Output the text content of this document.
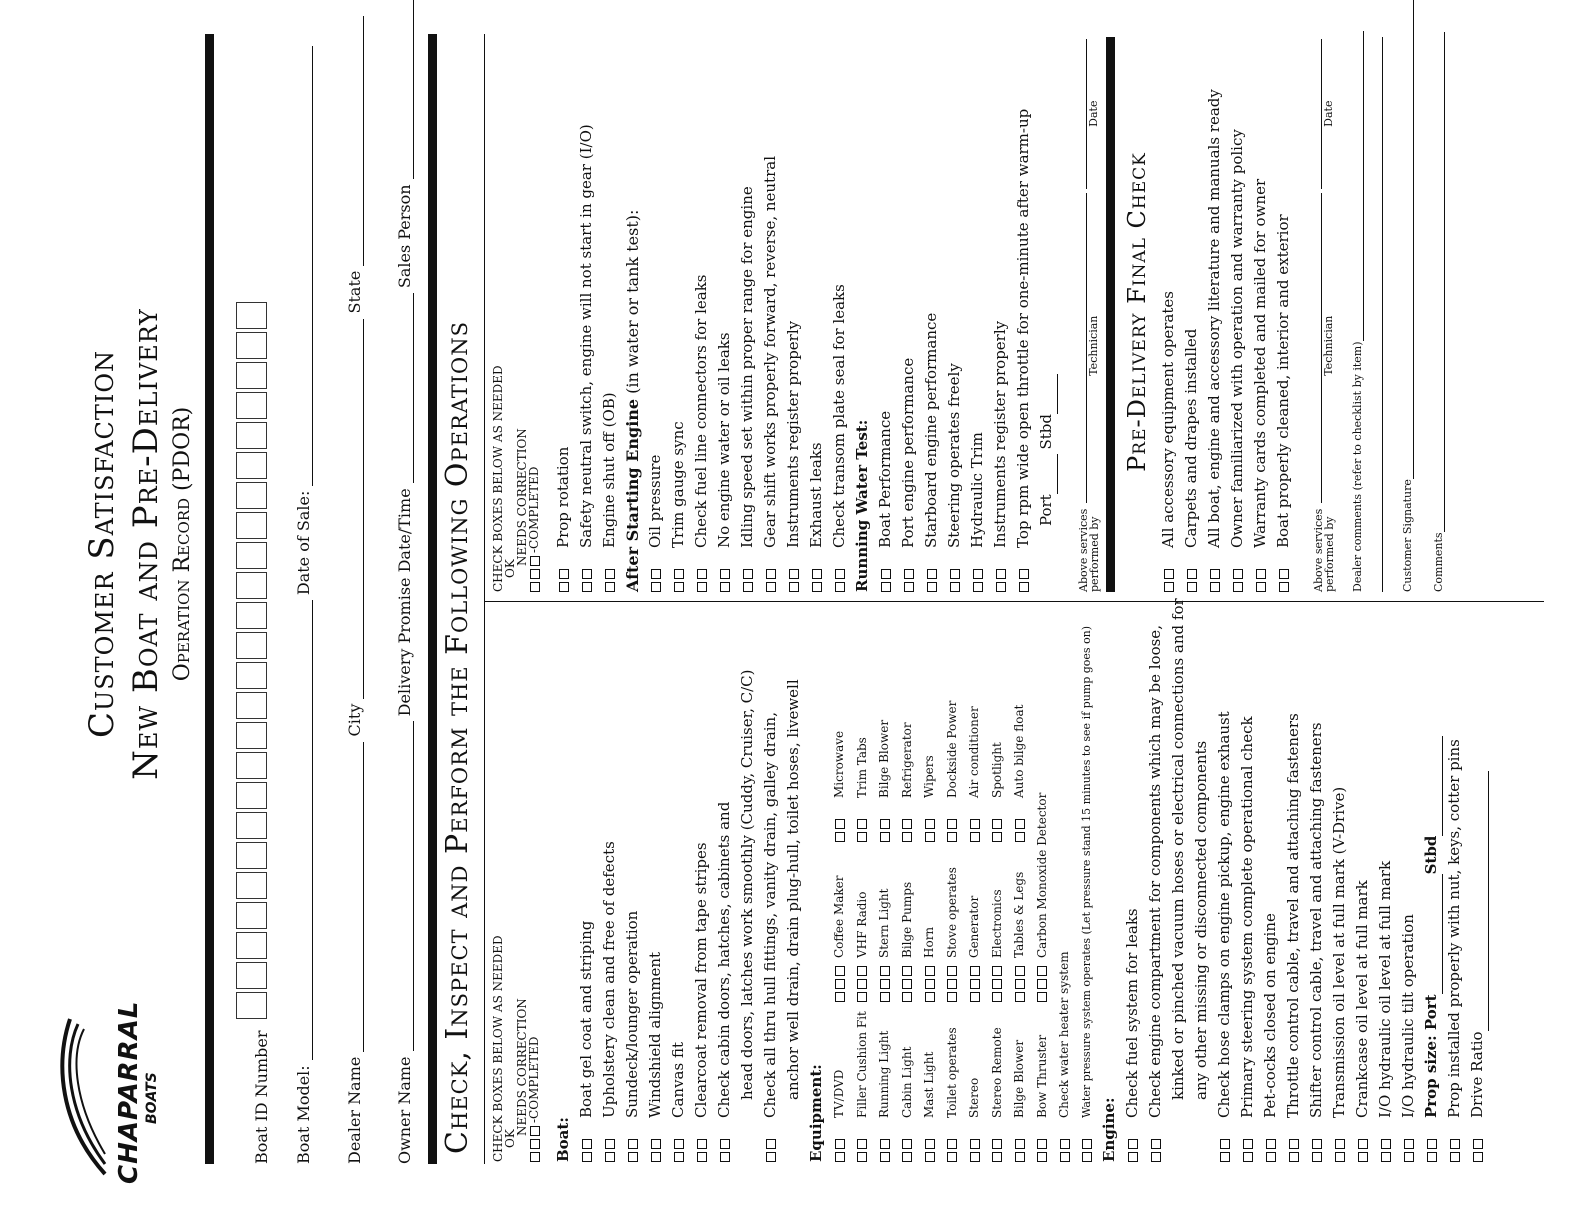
CHAPARRAL BOATS
Customer Satisfaction New Boat and Pre-Delivery Operation Record (PDOR)
Boat ID Number Boat Model:  Date of Sale:
Dealer Name  City  State
Owner Name  Delivery Promise Date/Time  Sales Person
Check, Inspect and Perform the Following Operations CHECK BOXES BELOW AS NEEDED
OK
NEEDS CORRECTION
-COMPLETED
Boat:
Boat gel coat and striping Upholstery clean and free of defects Sundeck/lounger operation Windshield alignment Canvas fit Clearcoat removal from tape stripes Check cabin doors, hatches, cabinets and head doors, latches work smoothly (Cuddy, Cruiser, C/C) Check all thru hull fittings, vanity drain, galley drain, anchor well drain, drain plug-hull, toilet hoses, livewell
Equipment: TV/DVD
Coffee Maker
Microwave
Filler Cushion Fit
VHF Radio
Trim Tabs
Running Light
Stern Light
Bilge Blower
Cabin Light
Bilge Pumps
Refrigerator
Mast Light
Horn
Wipers
Toilet operates
Stove operates
Dockside Power
Stereo
Generator
Air conditioner
Stereo Remote
Electronics
Spotlight
Bilge Blower
Tables & Legs
Auto bilge float
Bow Thruster
Carbon Monoxide Detector
Check water heater system Water pressure system operates (Let pressure stand 15 minutes to see if pump goes on)
Engine:
Check fuel system for leaks Check engine compartment for components which may be loose, kinked or pinched vacuum hoses or electrical connections and for any other missing or disconnected components Check hose clamps on engine pickup, engine exhaust Primary steering system complete operational check Pet-cocks closed on engine Throttle control cable, travel and attaching fasteners Shifter control cable, travel and attaching fasteners Transmission oil level at full mark (V-Drive) Crankcase oil level at full mark I/O hydraulic oil level at full mark I/O hydraulic tilt operation Prop size: PortStbd Prop installed properly with nut, keys, cotter pins Drive Ratio
CHECK BOXES BELOW AS NEEDED
OK
NEEDS CORRECTION
-COMPLETED Prop rotation Safety neutral switch, engine will not start in gear (I/O) Engine shut off (OB) After Starting Engine (in water or tank test):
Oil pressure Trim gauge sync Check fuel line connectors for leaks No engine water or oil leaks Idling speed set within proper range for engine Gear shift works properly forward, reverse, neutral Instruments register properly Exhaust leaks Check transom plate seal for leaks Running Water Test: Boat Performance Port engine performance Starboard engine performance Steering operates freely Hydraulic Trim Instruments register properly Top rpm wide open throttle for one-minute after warm-up Port Stbd
Above services
performed by
Technician
Date
Pre-Delivery Final Check All accessory equipment operates Carpets and drapes installed All boat, engine and accessory literature and manuals ready Owner familiarized with operation and warranty policy Warranty cards completed and mailed for owner Boat properly cleaned, interior and exterior
Above services
performed by
Technician
Date
Dealer comments (refer to checklist by item)	Customer Signature Comments
